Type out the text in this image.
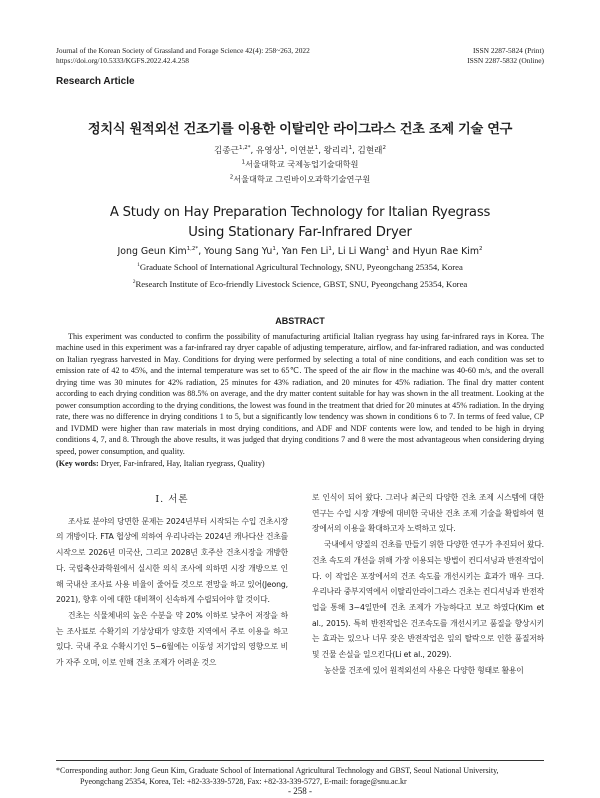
Journal of the Korean Society of Grassland and Forage Science 42(4): 258~263, 2022
https://doi.org/10.5333/KGFS.2022.42.4.258
ISSN 2287-5824 (Print)
ISSN 2287-5832 (Online)
Research Article
정치식 원적외선 건조기를 이용한 이탈리안 라이그라스 건초 조제 기술 연구
김종근$^{1,2*}$, 유영상$^1$, 이연분$^1$, 왕리리$^1$, 김현래$^2$
$^1$서울대학교 국제농업기술대학원
$^2$서울대학교 그린바이오과학기술연구원
A Study on Hay Preparation Technology for Italian Ryegrass
Using Stationary Far-Infrared Dryer
Jong Geun Kim$^{1,2*}$, Young Sang Yu$^1$, Yan Fen Li$^1$, Li Li Wang$^1$ and Hyun Rae Kim$^2$
$^1$Graduate School of International Agricultural Technology, SNU, Pyeongchang 25354, Korea
$^2$Research Institute of Eco-friendly Livestock Science, GBST, SNU, Pyeongchang 25354, Korea
ABSTRACT
This experiment was conducted to confirm the possibility of manufacturing artificial Italian ryegrass hay using far-infrared rays in Korea. The machine used in this experiment was a far-infrared ray dryer capable of adjusting temperature, airflow, and far-infrared radiation, and was conducted on Italian ryegrass harvested in May. Conditions for drying were performed by selecting a total of nine conditions, and each condition was set to emission rate of 42 to 45%, and the internal temperature was set to 65℃. The speed of the air flow in the machine was 40-60 m/s, and the overall drying time was 30 minutes for 42% radiation, 25 minutes for 43% radiation, and 20 minutes for 45% radiation. The final dry matter content according to each drying condition was 88.5% on average, and the dry matter content suitable for hay was shown in the all treatment. Looking at the power consumption according to the drying conditions, the lowest was found in the treatment that dried for 20 minutes at 45% radiation. In the drying rate, there was no difference in drying conditions 1 to 5, but a significantly low tendency was shown in conditions 6 to 7. In terms of feed value, CP and IVDMD were higher than raw materials in most drying conditions, and ADF and NDF contents were low, and tended to be high in drying conditions 4, 7, and 8. Through the above results, it was judged that drying conditions 7 and 8 were the most advantageous when considering drying speed, power consumption, and quality.
(Key words: Dryer, Far-infrared, Hay, Italian ryegrass, Quality)
Ⅰ. 서론

조사료 분야의 당면한 문제는 2024년부터 시작되는 수입 건초시장의 개방이다. FTA 협상에 의하여 우리나라는 2024년 캐나다산 건초를 시작으로 2026년 미국산, 그리고 2028년 호주산 건초시장을 개방한다. 국립축산과학원에서 실시한 의식 조사에 의하면 시장 개방으로 인해 국내산 조사료 사용 비율이 줄어들 것으로 전망을 하고 있어(Jeong, 2021), 향후 이에 대한 대비책이 신속하게 수립되어야 할 것이다.

건초는 식물체내의 높은 수분을 약 20% 이하로 낮추어 저장을 하는 조사료로 수확기의 기상상태가 양호한 지역에서 주로 이용을 하고 있다. 국내 주요 수확시기인 5~6월에는 이동성 저기압의 영향으로 비가 자주 오며, 이로 인해 건초 조제가 어려운 것으

로 인식이 되어 왔다. 그러나 최근의 다양한 건초 조제 시스템에 대한 연구는 수입 시장 개방에 대비한 국내산 건초 조제 기술을 확립하여 현장에서의 이용을 확대하고자 노력하고 있다.

국내에서 양질의 건초를 만들기 위한 다양한 연구가 추진되어 왔다. 건초 속도의 개선을 위해 가장 이용되는 방법이 컨디셔닝과 반전작업이다. 이 작업은 포장에서의 건조 속도를 개선시키는 효과가 매우 크다. 우리나라 중부지역에서 이탈리안라이그라스 건초는 컨디셔닝과 반전작업을 통해 3~4일만에 건초 조제가 가능하다고 보고 하였다(Kim et al., 2015). 특히 반전작업은 건조속도를 개선시키고 품질을 향상시키는 효과는 있으나 너무 잦은 반전작업은 잎의 탈락으로 인한 품질저하 및 건물 손실을 일으킨다(Li et al., 2029).

농산물 건조에 있어 원적외선의 사용은 다양한 형태로 활용이

*Corresponding author: Jong Geun Kim, Graduate School of International Agricultural Technology and GBST, Seoul National University,
Pyeongchang 25354, Korea, Tel: +82-33-339-5728, Fax: +82-33-339-5727, E-mail: forage@snu.ac.kr
- 258 -
